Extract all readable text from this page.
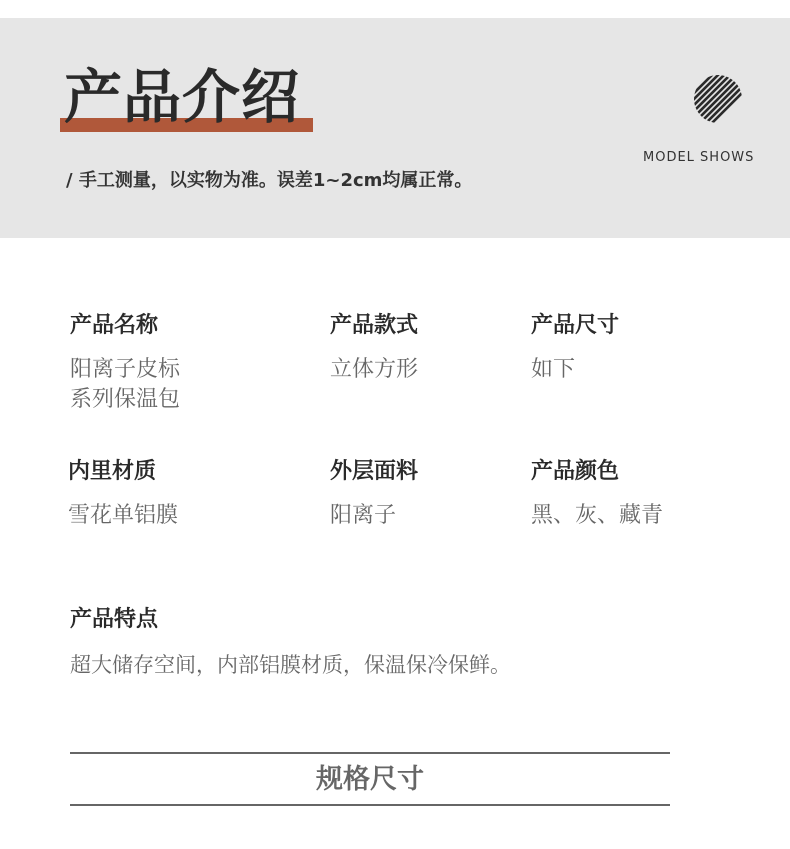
产品介绍
/ 手工测量，以实物为准。误差1~2cm均属正常。
MODEL SHOWS
产品名称
阳离子皮标
系列保温包
产品款式
立体方形
产品尺寸
如下
内里材质
雪花单铝膜
外层面料
阳离子
产品颜色
黑、灰、藏青
产品特点
超大储存空间，内部铝膜材质，保温保冷保鲜。
规格尺寸
